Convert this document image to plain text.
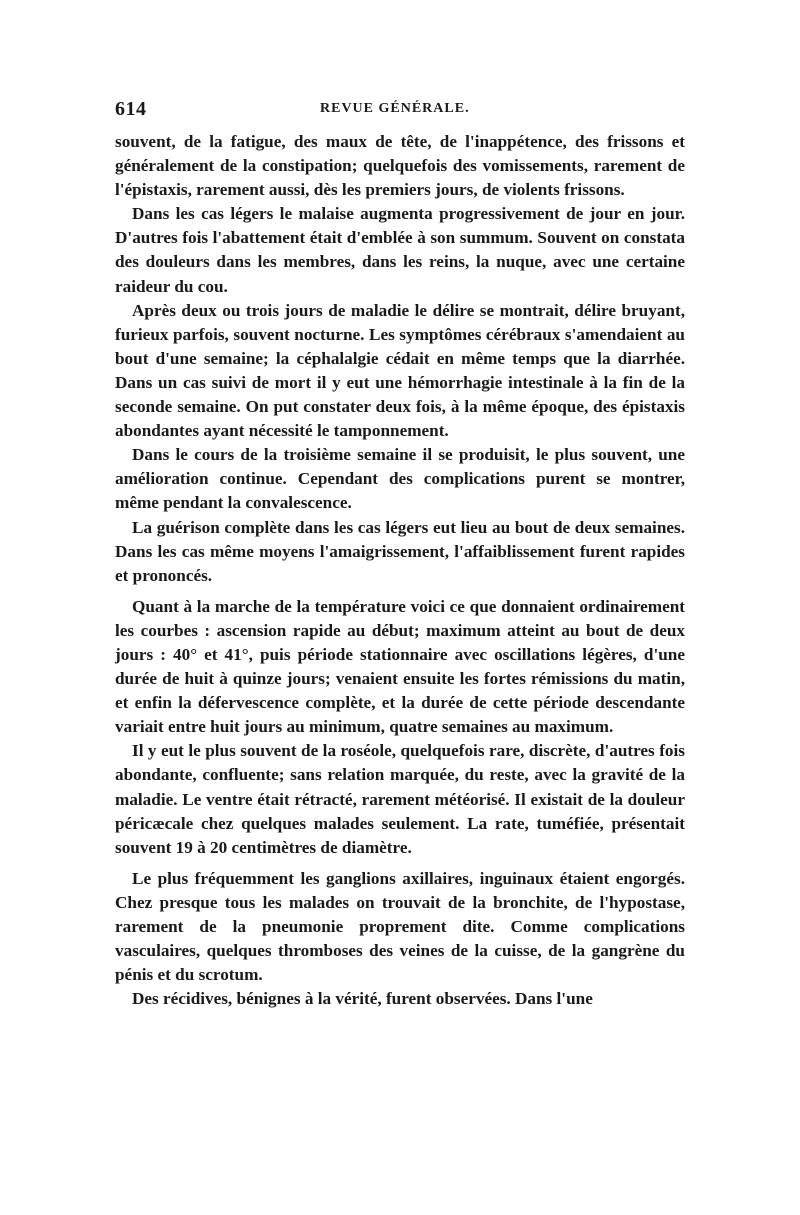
614	REVUE GÉNÉRALE.

souvent, de la fatigue, des maux de tête, de l'inappétence, des frissons et généralement de la constipation; quelquefois des vomissements, rarement de l'épistaxis, rarement aussi, dès les premiers jours, de violents frissons.

Dans les cas légers le malaise augmenta progressivement de jour en jour. D'autres fois l'abattement était d'emblée à son summum. Souvent on constata des douleurs dans les membres, dans les reins, la nuque, avec une certaine raideur du cou.

Après deux ou trois jours de maladie le délire se montrait, délire bruyant, furieux parfois, souvent nocturne. Les symptômes cérébraux s'amendaient au bout d'une semaine; la céphalalgie cédait en même temps que la diarrhée. Dans un cas suivi de mort il y eut une hémorrhagie intestinale à la fin de la seconde semaine. On put constater deux fois, à la même époque, des épistaxis abondantes ayant nécessité le tamponnement.

Dans le cours de la troisième semaine il se produisit, le plus souvent, une amélioration continue. Cependant des complications purent se montrer, même pendant la convalescence.

La guérison complète dans les cas légers eut lieu au bout de deux semaines. Dans les cas même moyens l'amaigrissement, l'affaiblissement furent rapides et prononcés.

Quant à la marche de la température voici ce que donnaient ordinairement les courbes : ascension rapide au début; maximum atteint au bout de deux jours : 40° et 41°, puis période stationnaire avec oscillations légères, d'une durée de huit à quinze jours; venaient ensuite les fortes rémissions du matin, et enfin la défervescence complète, et la durée de cette période descendante variait entre huit jours au minimum, quatre semaines au maximum.

Il y eut le plus souvent de la roséole, quelquefois rare, discrète, d'autres fois abondante, confluente; sans relation marquée, du reste, avec la gravité de la maladie. Le ventre était rétracté, rarement météorisé. Il existait de la douleur péricæcale chez quelques malades seulement. La rate, tuméfiée, présentait souvent 19 à 20 centimètres de diamètre.

Le plus fréquemment les ganglions axillaires, inguinaux étaient engorgés. Chez presque tous les malades on trouvait de la bronchite, de l'hypostase, rarement de la pneumonie proprement dite. Comme complications vasculaires, quelques thromboses des veines de la cuisse, de la gangrène du pénis et du scrotum.

Des récidives, bénignes à la vérité, furent observées. Dans l'une
